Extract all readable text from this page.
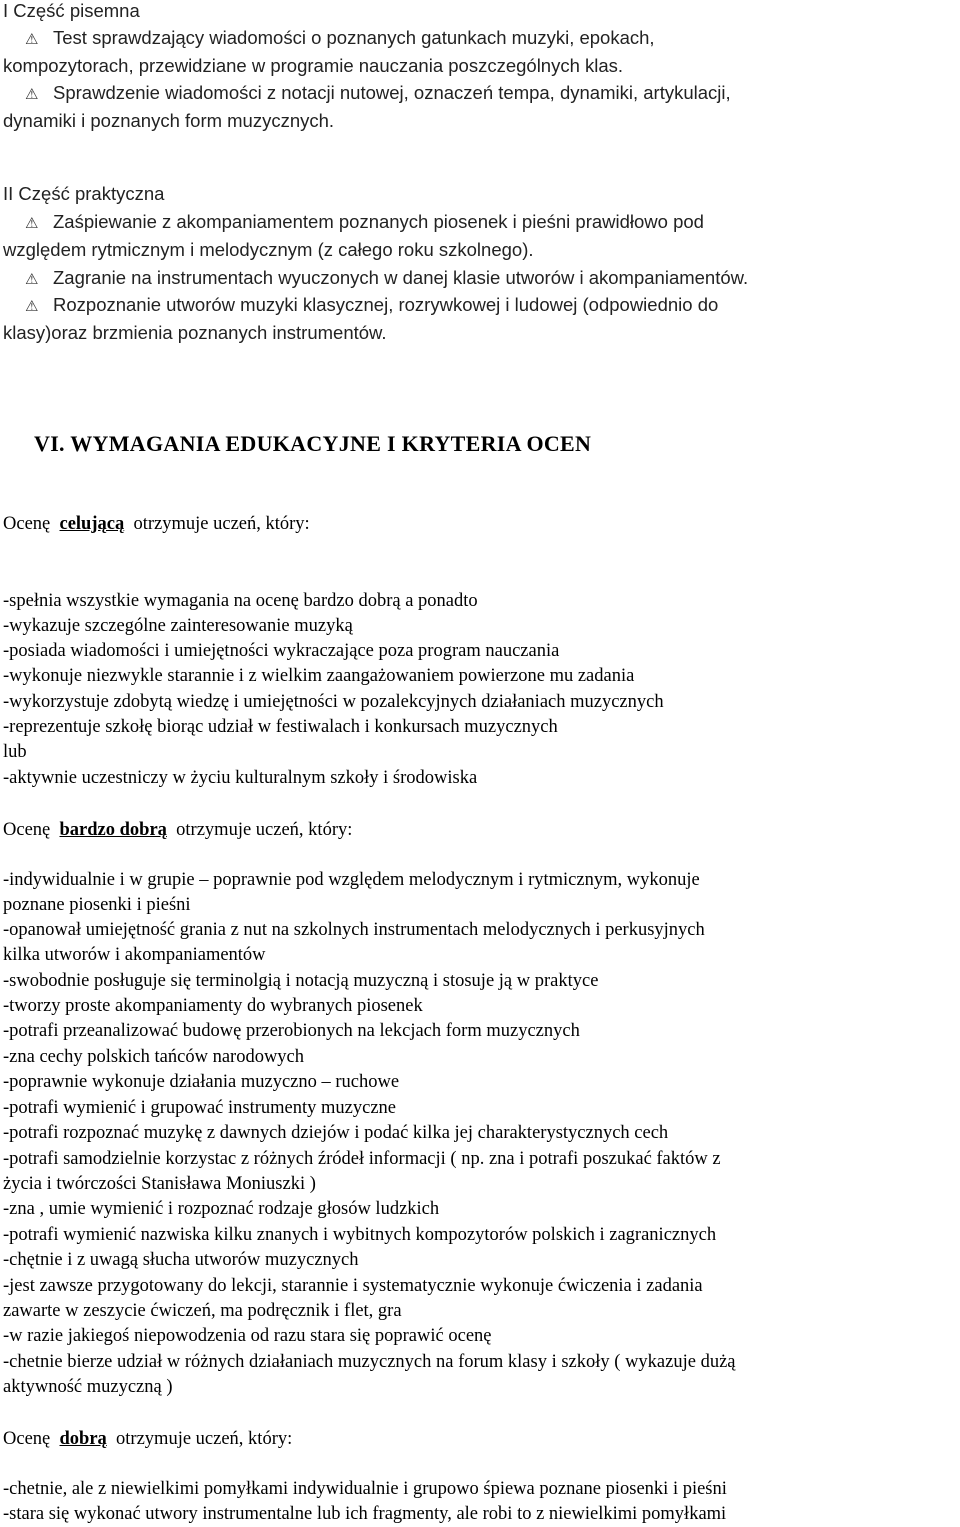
I Część pisemna
⚠ Test sprawdzający wiadomości o poznanych gatunkach muzyki, epokach,
kompozytorach, przewidziane w programie nauczania poszczególnych klas.
⚠ Sprawdzenie wiadomości z notacji nutowej, oznaczeń tempa, dynamiki, artykulacji,
dynamiki i poznanych form muzycznych.
II Część praktyczna
⚠ Zaśpiewanie z akompaniamentem poznanych piosenek i pieśni prawidłowo pod
względem rytmicznym i melodycznym (z całego roku szkolnego).
⚠ Zagranie na instrumentach wyuczonych w danej klasie utworów i akompaniamentów.
⚠ Rozpoznanie utworów muzyki klasycznej, rozrywkowej i ludowej (odpowiednio do
klasy)oraz brzmienia poznanych instrumentów.
VI. WYMAGANIA EDUKACYJNE I KRYTERIA OCEN
Ocenę celującą otrzymuje uczeń, który:
-spełnia wszystkie wymagania na ocenę bardzo dobrą a ponadto
-wykazuje szczególne zainteresowanie muzyką
-posiada wiadomości i umiejętności wykraczające poza program nauczania
-wykonuje niezwykle starannie i z wielkim zaangażowaniem powierzone mu zadania
-wykorzystuje zdobytą wiedzę i umiejętności w pozalekcyjnych działaniach muzycznych
-reprezentuje szkołę biorąc udział w festiwalach i konkursach muzycznych
lub
-aktywnie uczestniczy w życiu kulturalnym szkoły i środowiska
Ocenę bardzo dobrą otrzymuje uczeń, który:
-indywidualnie i w grupie – poprawnie pod względem melodycznym i rytmicznym, wykonuje
poznane piosenki i pieśni
-opanował umiejętność grania z nut na szkolnych instrumentach melodycznych i perkusyjnych
kilka utworów i akompaniamentów
-swobodnie posługuje się terminolgią i notacją muzyczną i stosuje ją w praktyce
-tworzy proste akompaniamenty do wybranych piosenek
-potrafi przeanalizować budowę przerobionych na lekcjach form muzycznych
-zna cechy polskich tańców narodowych
-poprawnie wykonuje działania muzyczno – ruchowe
-potrafi wymienić i grupować instrumenty muzyczne
-potrafi rozpoznać muzykę z dawnych dziejów i podać kilka jej charakterystycznych cech
-potrafi samodzielnie korzystac z różnych źródeł informacji ( np. zna i potrafi poszukać faktów z
życia i twórczości Stanisława Moniuszki )
-zna , umie wymienić i rozpoznać rodzaje głosów ludzkich
-potrafi wymienić nazwiska kilku znanych i wybitnych kompozytorów polskich i zagranicznych
-chętnie i z uwagą słucha utworów muzycznych
-jest zawsze przygotowany do lekcji, starannie i systematycznie wykonuje ćwiczenia i zadania
zawarte w zeszycie ćwiczeń, ma podręcznik i flet, gra
-w razie jakiegoś niepowodzenia od razu stara się poprawić ocenę
-chetnie bierze udział w różnych działaniach muzycznych na forum klasy i szkoły ( wykazuje dużą
aktywność muzyczną )
Ocenę dobrą otrzymuje uczeń, który:
-chetnie, ale z niewielkimi pomyłkami indywidualnie i grupowo śpiewa poznane piosenki i pieśni
-stara się wykonać utwory instrumentalne lub ich fragmenty, ale robi to z niewielkimi pomyłkami
